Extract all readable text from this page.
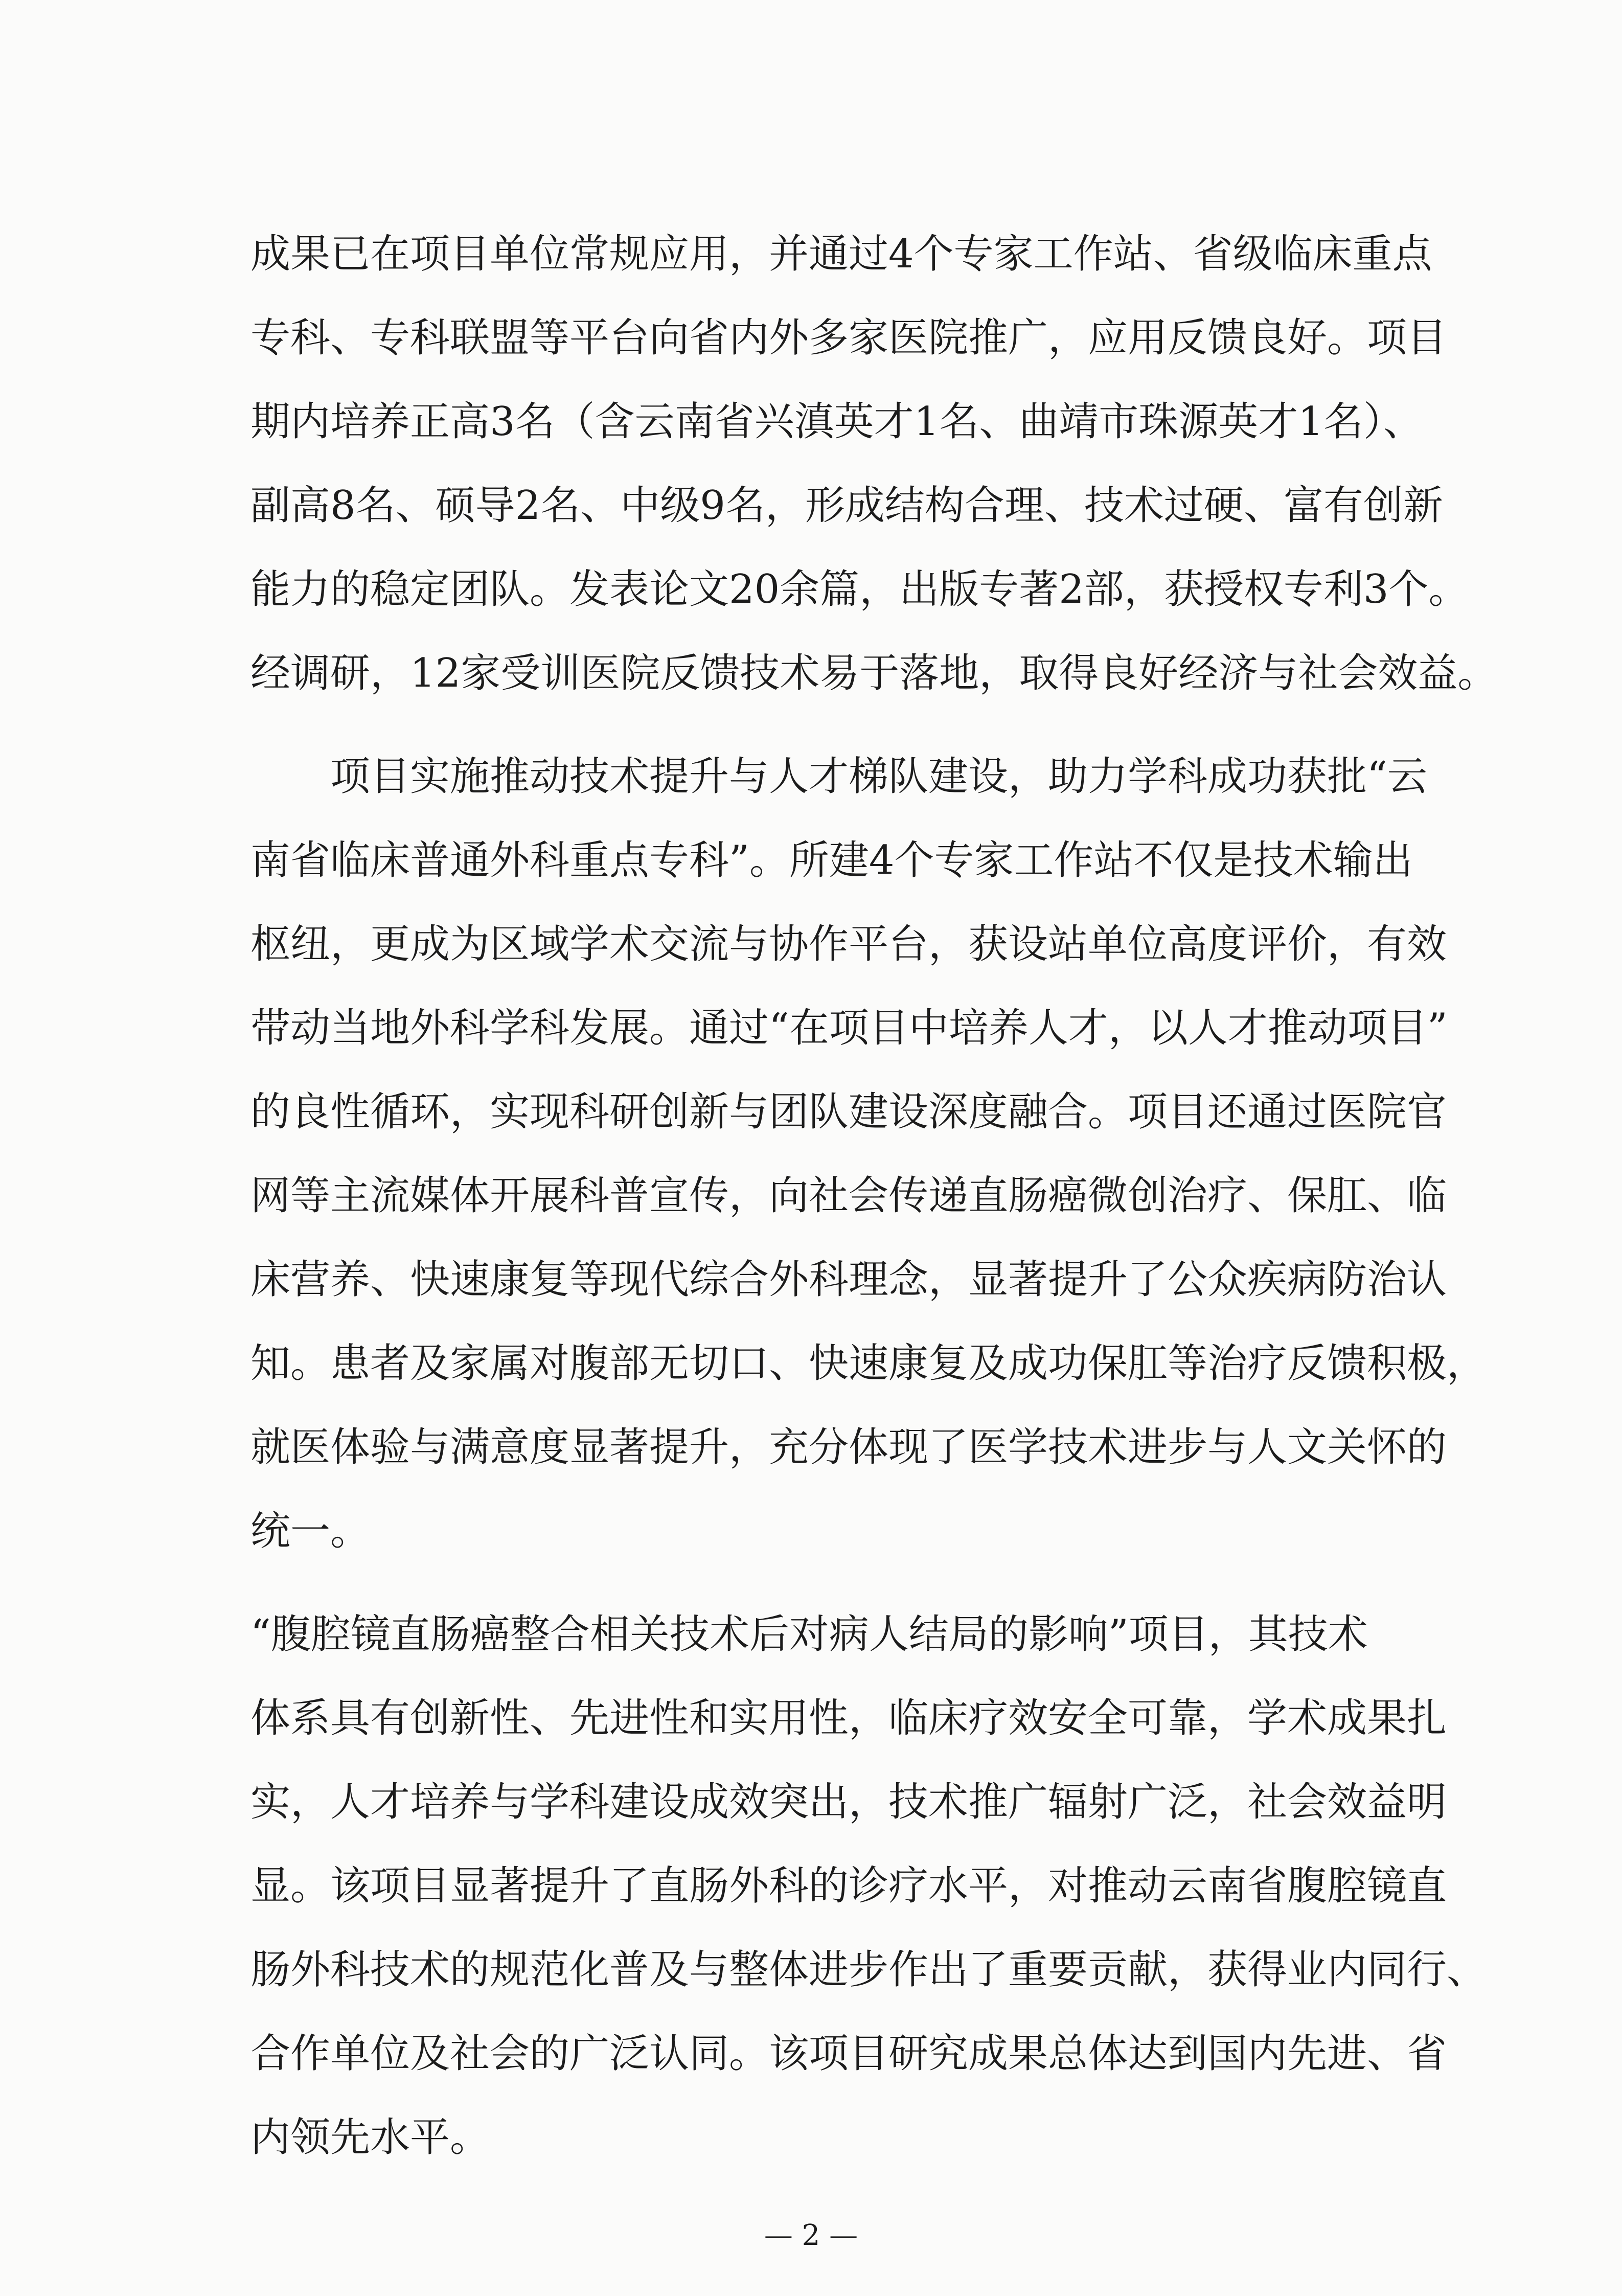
成果已在项目单位常规应用，并通过4个专家工作站、省级临床重点
专科、专科联盟等平台向省内外多家医院推广，应用反馈良好。项目
期内培养正高3名（含云南省兴滇英才1名、曲靖市珠源英才1名）、
副高8名、硕导2名、中级9名，形成结构合理、技术过硬、富有创新
能力的稳定团队。发表论文20余篇，出版专著2部，获授权专利3个。
经调研，12家受训医院反馈技术易于落地，取得良好经济与社会效益。

项目实施推动技术提升与人才梯队建设，助力学科成功获批“云
南省临床普通外科重点专科”。所建4个专家工作站不仅是技术输出
枢纽，更成为区域学术交流与协作平台，获设站单位高度评价，有效
带动当地外科学科发展。通过“在项目中培养人才，以人才推动项目”
的良性循环，实现科研创新与团队建设深度融合。项目还通过医院官
网等主流媒体开展科普宣传，向社会传递直肠癌微创治疗、保肛、临
床营养、快速康复等现代综合外科理念，显著提升了公众疾病防治认
知。患者及家属对腹部无切口、快速康复及成功保肛等治疗反馈积极，
就医体验与满意度显著提升，充分体现了医学技术进步与人文关怀的
统一。

“腹腔镜直肠癌整合相关技术后对病人结局的影响”项目，其技术
体系具有创新性、先进性和实用性，临床疗效安全可靠，学术成果扎
实，人才培养与学科建设成效突出，技术推广辐射广泛，社会效益明
显。该项目显著提升了直肠外科的诊疗水平，对推动云南省腹腔镜直
肠外科技术的规范化普及与整体进步作出了重要贡献，获得业内同行、
合作单位及社会的广泛认同。该项目研究成果总体达到国内先进、省
内领先水平。

— 2 —
